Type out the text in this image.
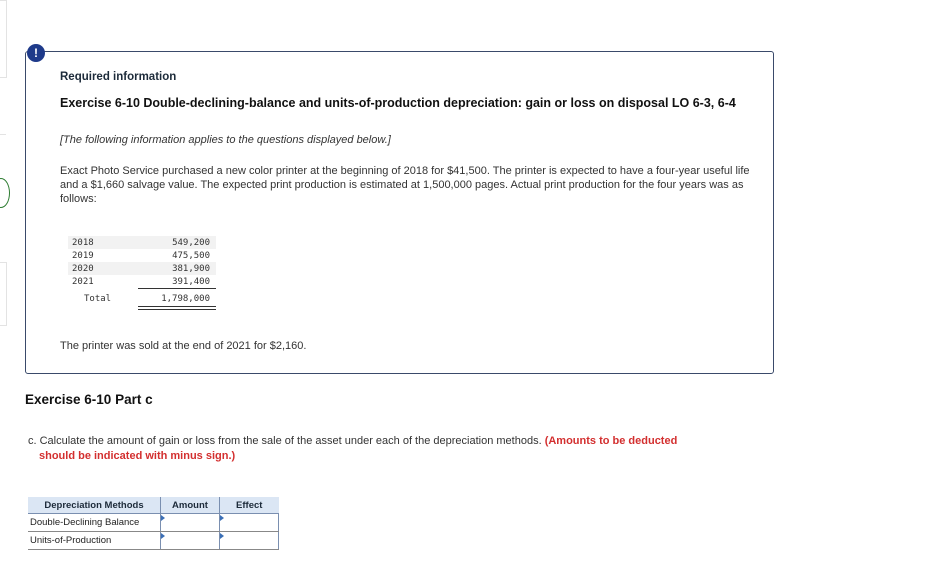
!
Required information
Exercise 6-10 Double-declining-balance and units-of-production depreciation: gain or loss on disposal LO 6-3, 6-4
[The following information applies to the questions displayed below.]
Exact Photo Service purchased a new color printer at the beginning of 2018 for $41,500. The printer is expected to have a four-year useful life and a $1,660 salvage value. The expected print production is estimated at 1,500,000 pages. Actual print production for the four years was as follows:
2018	549,200
2019	475,500
2020	381,900
2021	391,400
Total	1,798,000
The printer was sold at the end of 2021 for $2,160.
Exercise 6-10 Part c
c. Calculate the amount of gain or loss from the sale of the asset under each of the depreciation methods. (Amounts to be deducted
should be indicated with minus sign.)
Depreciation Methods	Amount	Effect
Double-Declining Balance	

Units-of-Production	
